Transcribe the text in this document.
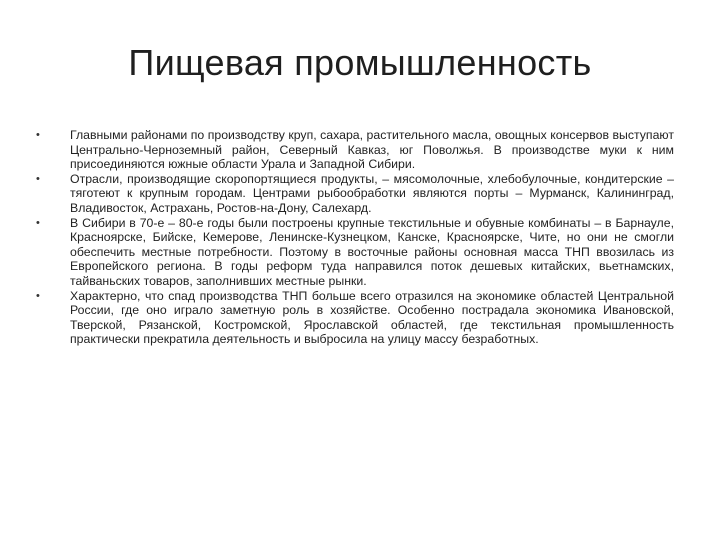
Пищевая промышленность
•	Главными районами по производству круп, сахара, растительного масла, овощных консервов выступают Центрально-Черноземный район, Северный Кавказ, юг Поволжья. В производстве муки к ним присоединяются южные области Урала и Западной Сибири.
•	Отрасли, производящие скоропортящиеся продукты, – мясомолочные, хлебобулочные, кондитерские – тяготеют к крупным городам. Центрами рыбообработки являются порты – Мурманск, Калининград, Владивосток, Астрахань, Ростов-на-Дону, Салехард.
•	В Сибири в 70-е – 80-е годы были построены крупные текстильные и обувные комбинаты – в Барнауле, Красноярске, Бийске, Кемерове, Ленинске-Кузнецком, Канске, Красноярске, Чите, но они не смогли обеспечить местные потребности. Поэтому в восточные районы основная масса ТНП ввозилась из Европейского региона. В годы реформ туда направился поток дешевых китайских, вьетнамских, тайваньских товаров, заполнивших местные рынки.
•	Характерно, что спад производства ТНП больше всего отразился на экономике областей Центральной России, где оно играло заметную роль в хозяйстве. Особенно пострадала экономика Ивановской, Тверской, Рязанской, Костромской, Ярославской областей, где текстильная промышленность практически прекратила деятельность и выбросила на улицу массу безработных.
